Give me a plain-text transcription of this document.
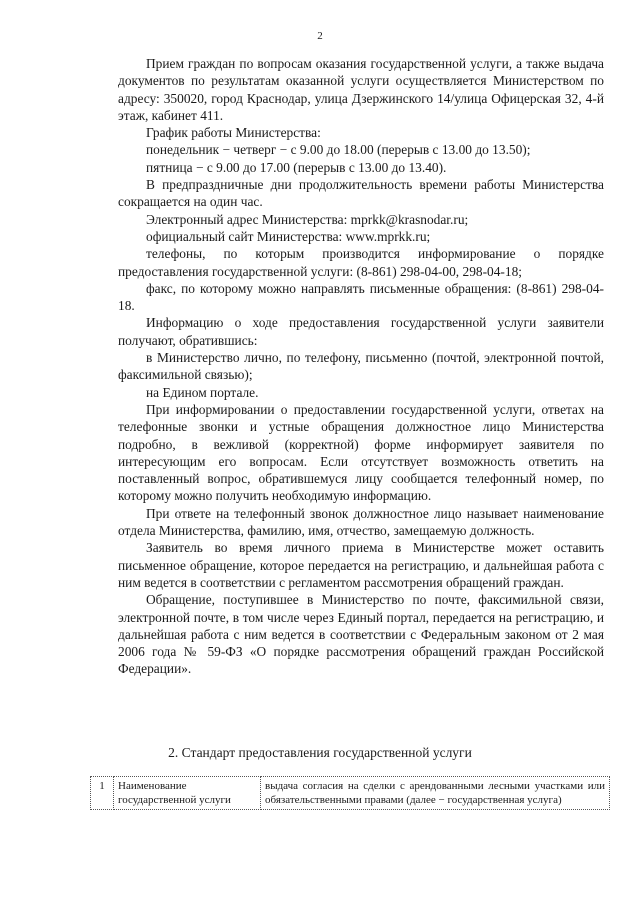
2

Прием граждан по вопросам оказания государственной услуги, а также выдача документов по результатам оказанной услуги осуществляется Министерством по адресу: 350020, город Краснодар, улица Дзержинского 14/улица Офицерская 32, 4-й этаж, кабинет 411.

График работы Министерства:

понедельник − четверг − с 9.00 до 18.00 (перерыв с 13.00 до 13.50);

пятница − с 9.00 до 17.00 (перерыв с 13.00 до 13.40).

В предпраздничные дни продолжительность времени работы Министерства сокращается на один час.

Электронный адрес Министерства: mprkk@krasnodar.ru;

официальный сайт Министерства: www.mprkk.ru;

телефоны, по которым производится информирование о порядке предоставления государственной услуги: (8-861) 298-04-00, 298-04-18;

факс, по которому можно направлять письменные обращения: (8-861) 298-04-18.

Информацию о ходе предоставления государственной услуги заявители получают, обратившись:

в Министерство лично, по телефону, письменно (почтой, электронной почтой, факсимильной связью);

на Едином портале.

При информировании о предоставлении государственной услуги, ответах на телефонные звонки и устные обращения должностное лицо Министерства подробно, в вежливой (корректной) форме информирует заявителя по интересующим его вопросам. Если отсутствует возможность ответить на поставленный вопрос, обратившемуся лицу сообщается телефонный номер, по которому можно получить необходимую информацию.

При ответе на телефонный звонок должностное лицо называет наименование отдела Министерства, фамилию, имя, отчество, замещаемую должность.

Заявитель во время личного приема в Министерстве может оставить письменное обращение, которое передается на регистрацию, и дальнейшая работа с ним ведется в соответствии с регламентом рассмотрения обращений граждан.

Обращение, поступившее в Министерство по почте, факсимильной связи, электронной почте, в том числе через Единый портал, передается на регистрацию, и дальнейшая работа с ним ведется в соответствии с Федеральным законом от 2 мая 2006 года № 59-ФЗ «О порядке рассмотрения обращений граждан Российской Федерации».

2. Стандарт предоставления государственной услуги
1	Наименование государственной услуги	выдача согласия на сделки с арендованными лесными участками или обязательственными правами (далее − государственная услуга)
